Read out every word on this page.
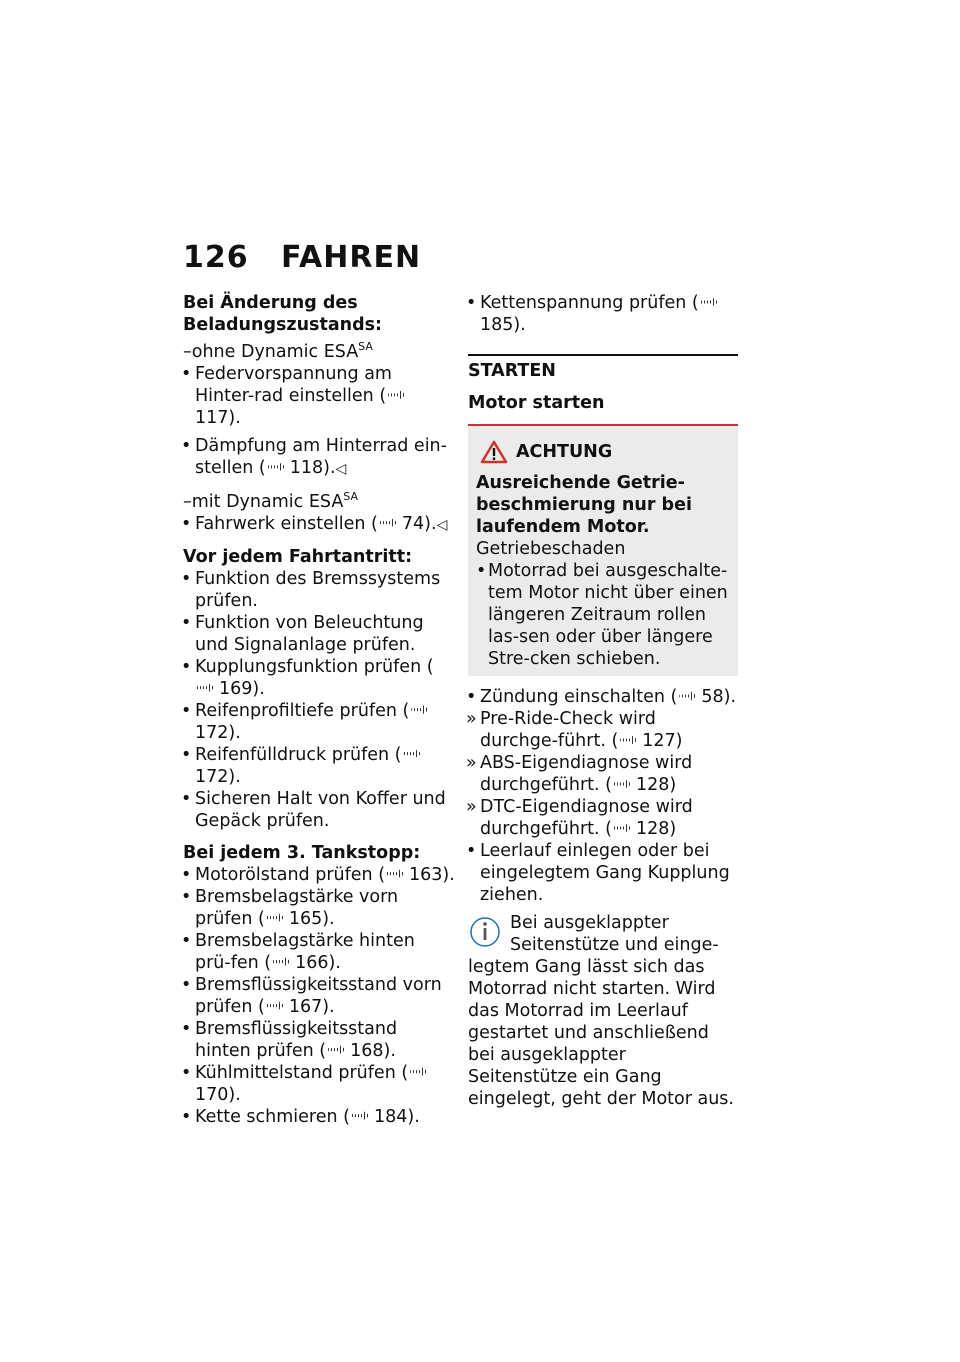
126 FAHREN
Bei Änderung des Beladungszustands:
–ohne Dynamic $ESA^{SA}$
• Federvorspannung am Hinter-rad einstellen (117).
• Dämpfung am Hinterrad ein-stellen ( 118).◁
–mit Dynamic $ESA^{SA}$
• Fahrwerk einstellen ( 74).◁
Vor jedem Fahrtantritt:
• Funktion des Bremssystems prüfen.
• Funktion von Beleuchtung und Signalanlage prüfen.
• Kupplungsfunktion prüfen (169).
• Reifenprofiltiefe prüfen (172).
• Reifenfülldruck prüfen (172).
• Sicheren Halt von Koffer und Gepäck prüfen.
Bei jedem 3. Tankstopp:
• Motorölstand prüfen ( 163).
• Bremsbelagstärke vorn prüfen ( 165).
• Bremsbelagstärke hinten prü-fen ( 166).
• Bremsflüssigkeitsstand vorn prüfen ( 167).
• Bremsflüssigkeitsstand hinten prüfen ( 168).
• Kühlmittelstand prüfen (170).
• Kette schmieren ( 184).
• Kettenspannung prüfen (185).
STARTEN
Motor starten
ACHTUNG
Ausreichende Getrie-beschmierung nur bei laufendem Motor.
Getriebeschaden
• Motorrad bei ausgeschalte-tem Motor nicht über einen längeren Zeitraum rollen las-sen oder über längere Stre-cken schieben.
• Zündung einschalten ( 58).
» Pre-Ride-Check wird durchge-führt. ( 127)
» ABS-Eigendiagnose wird durchgeführt. ( 128)
» DTC-Eigendiagnose wird durchgeführt. ( 128)
• Leerlauf einlegen oder bei eingelegtem Gang Kupplung ziehen.
Bei ausgeklappter Seitenstütze und einge-legtem Gang lässt sich das Motorrad nicht starten. Wird das Motorrad im Leerlauf gestartet und anschließend bei ausgeklappter Seitenstütze ein Gang eingelegt, geht der Motor aus.
